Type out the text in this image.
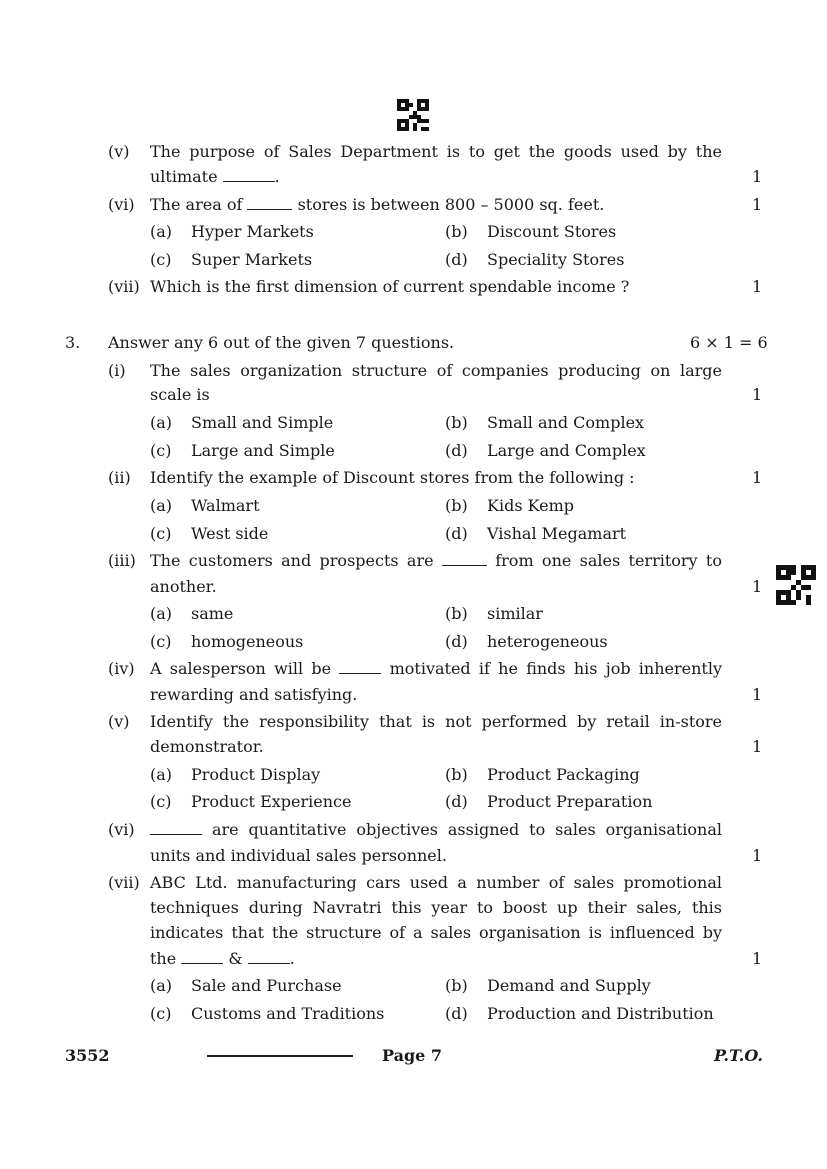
(v) The purpose of Sales Department is to get the goods used by the
ultimate	.	1
(vi) The area of	stores is between 800 – 5000 sq. feet.	1
(a) Hyper Markets	(b) Discount Stores
(c) Super Markets	(d) Speciality Stores
(vii) Which is the first dimension of current spendable income ?	1
3. Answer any 6 out of the given 7 questions.	6 × 1 = 6
(i) The sales organization structure of companies producing on large
scale is	1
(a) Small and Simple	(b) Small and Complex
(c) Large and Simple	(d) Large and Complex
(ii) Identify the example of Discount stores from the following :	1
(a) Walmart	(b) Kids Kemp
(c) West side	(d) Vishal Megamart
(iii) The customers and prospects are	from one sales territory to
another.	1
(a) same	(b) similar
(c) homogeneous	(d) heterogeneous
(iv) A salesperson will be	motivated if he finds his job inherently
rewarding and satisfying.	1
(v) Identify the responsibility that is not performed by retail in-store
demonstrator.	1
(a) Product Display	(b) Product Packaging
(c) Product Experience	(d) Product Preparation
(vi)	are quantitative objectives assigned to sales organisational
units and individual sales personnel.	1
(vii) ABC Ltd. manufacturing cars used a number of sales promotional
techniques during Navratri this year to boost up their sales, this
indicates that the structure of a sales organisation is influenced by
the	&	.	1
(a) Sale and Purchase	(b) Demand and Supply
(c) Customs and Traditions	(d) Production and Distribution
3552	Page 7	P.T.O.
